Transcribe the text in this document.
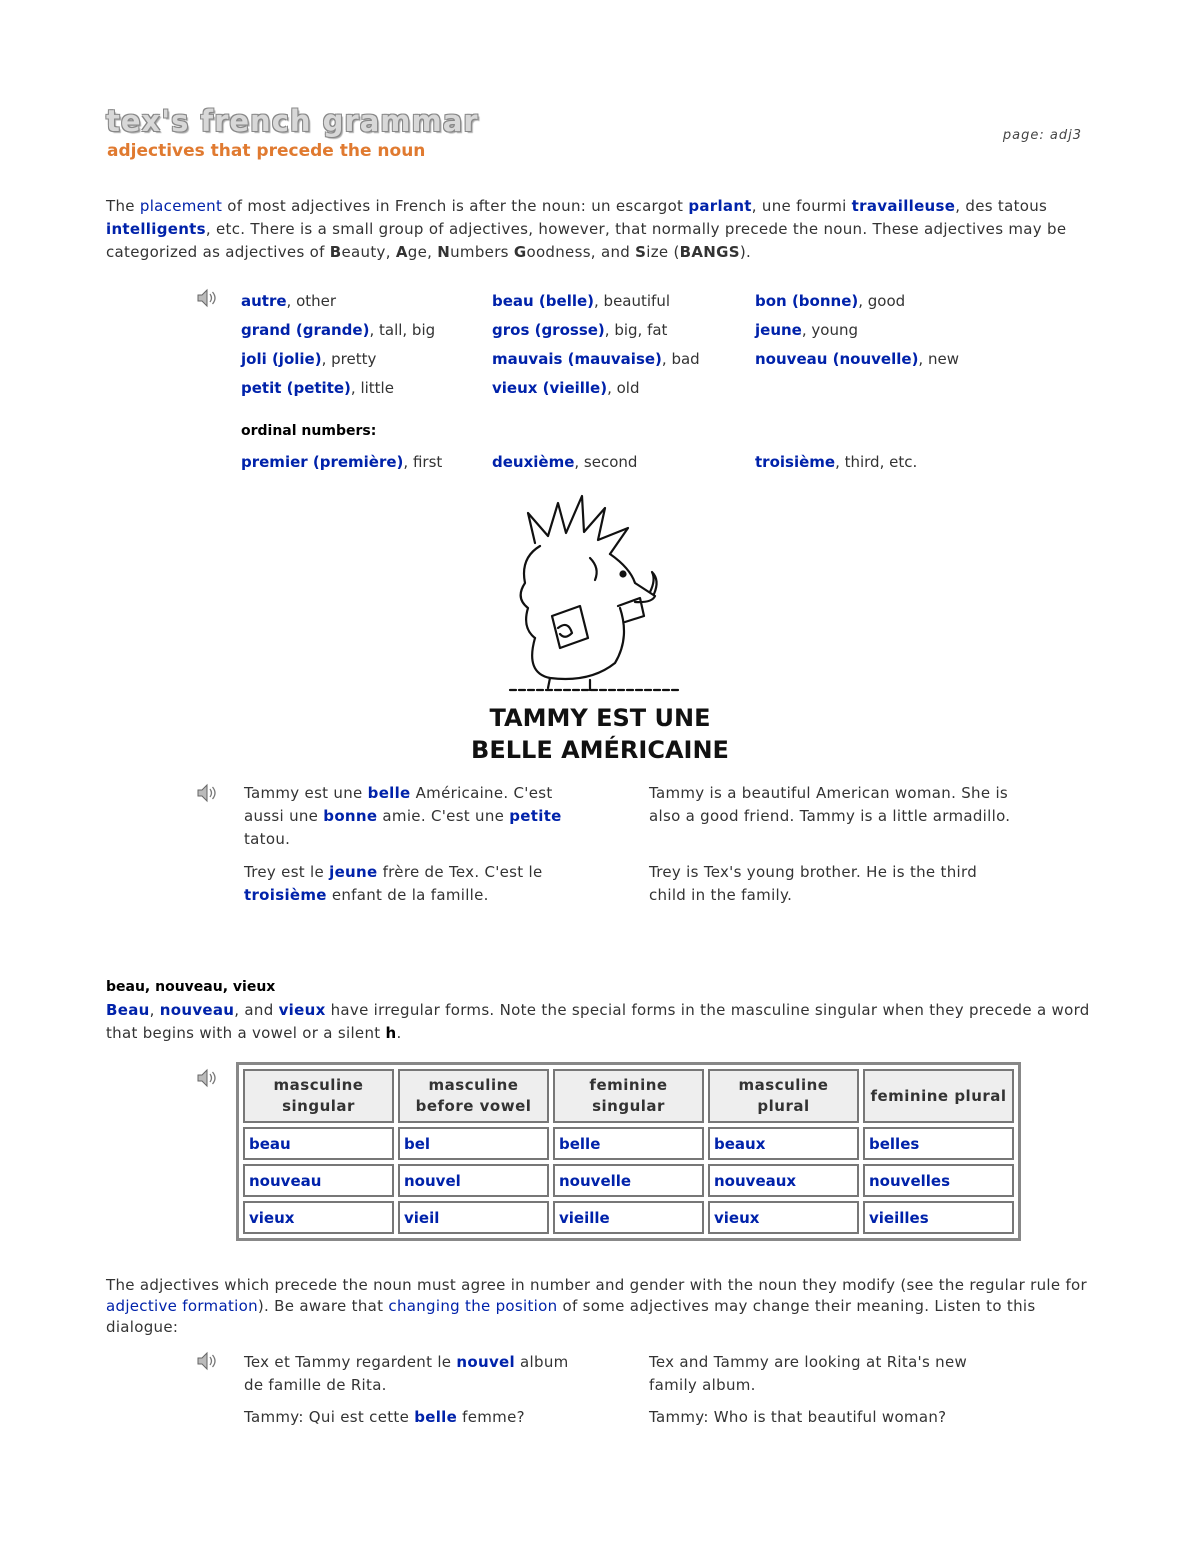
tex's french grammar
adjectives that precede the noun
page: adj3
The placement of most adjectives in French is after the noun: un escargot parlant, une fourmi travailleuse, des tatous intelligents, etc. There is a small group of adjectives, however, that normally precede the noun. These adjectives may be categorized as adjectives of Beauty, Age, Numbers Goodness, and Size (BANGS).
autre, other	beau (belle), beautiful	bon (bonne), good
grand (grande), tall, big	gros (grosse), big, fat	jeune, young
joli (jolie), pretty	mauvais (mauvaise), bad	nouveau (nouvelle), new
petit (petite), little	vieux (vieille), old
ordinal numbers:
premier (première), first	deuxième, second	troisième, third, etc.
TAMMY EST UNE
BELLE AMÉRICAINE
Tammy est une belle Américaine. C'est aussi une bonne amie. C'est une petite tatou.
Tammy is a beautiful American woman. She is also a good friend. Tammy is a little armadillo.
Trey est le jeune frère de Tex. C'est le troisième enfant de la famille.
Trey is Tex's young brother. He is the third child in the family.
beau, nouveau, vieux
Beau, nouveau, and vieux have irregular forms. Note the special forms in the masculine singular when they precede a word that begins with a vowel or a silent h.
masculine singular	masculine before vowel	feminine singular	masculine plural	feminine plural
beau	bel	belle	beaux	belles
nouveau	nouvel	nouvelle	nouveaux	nouvelles
vieux	vieil	vieille	vieux	vieilles
The adjectives which precede the noun must agree in number and gender with the noun they modify (see the regular rule for adjective formation). Be aware that changing the position of some adjectives may change their meaning. Listen to this dialogue:
Tex et Tammy regardent le nouvel album de famille de Rita.
Tex and Tammy are looking at Rita's new family album.
Tammy: Qui est cette belle femme?	Tammy: Who is that beautiful woman?
